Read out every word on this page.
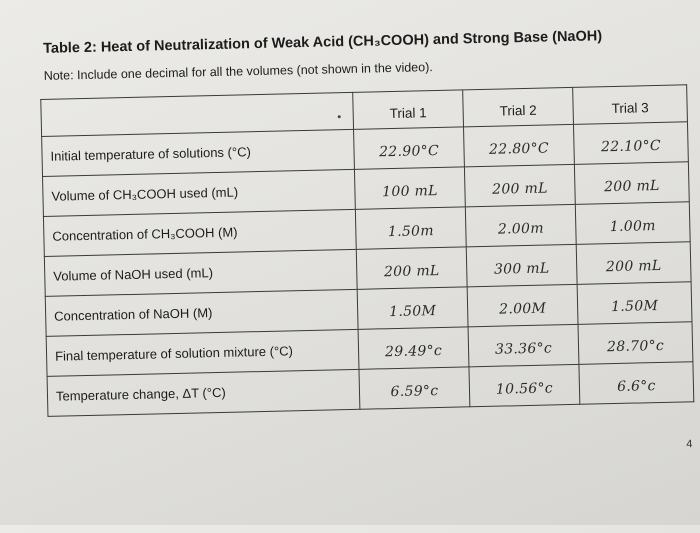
Table 2: Heat of Neutralization of Weak Acid (CH₃COOH) and Strong Base (NaOH)

Note: Include one decimal for all the volumes (not shown in the video).

	Trial 1	Trial 2	Trial 3
Initial temperature of solutions (°C)	22.90°C	22.80°C	22.10°C
Volume of CH₃COOH used (mL)	100 mL	200 mL	200 mL
Concentration of CH₃COOH (M)	1.50m	2.00m	1.00m
Volume of NaOH used (mL)	200 mL	300 mL	200 mL
Concentration of NaOH (M)	1.50M	2.00M	1.50M
Final temperature of solution mixture (°C)	29.49°c	33.36°c	28.70°c
Temperature change, ΔT (°C)	6.59°c	10.56°c	6.6°c
4
